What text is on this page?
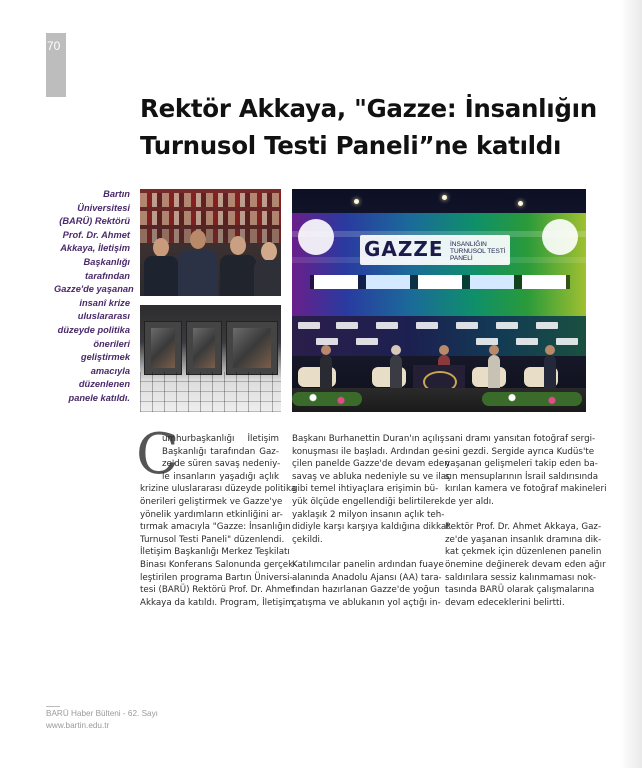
70
Rektör Akkaya, "Gazze: İnsanlığın
Turnusol Testi Paneli”ne katıldı
Bartın
Üniversitesi
(BARÜ) Rektörü
Prof. Dr. Ahmet
Akkaya, İletişim
Başkanlığı
tarafından
Gazze'de yaşanan
insanî krize
uluslararası
düzeyde politika
önerileri
geliştirmek
amacıyla
düzenlenen
panele katıldı.
GAZZE İNSANLIĞIN TURNUSOL TESTİ PANELİ
C
umhurbaşkanlığı İletişim
Başkanlığı tarafından Gaz-
ze'de süren savaş nedeniy-
le insanların yaşadığı açlık
krizine uluslararası düzeyde politika
önerileri geliştirmek ve Gazze'ye
yönelik yardımların etkinliğini ar-
tırmak amacıyla "Gazze: İnsanlığın
Turnusol Testi Paneli" düzenlendi.
İletişim Başkanlığı Merkez Teşkilatı
Binası Konferans Salonunda gerçek-
leştirilen programa Bartın Üniversi-
tesi (BARÜ) Rektörü Prof. Dr. Ahmet
Akkaya da katıldı. Program, İletişim
Başkanı Burhanettin Duran'ın açılış
konuşması ile başladı. Ardından ge-
çilen panelde Gazze'de devam eden
savaş ve abluka nedeniyle su ve ilaç
gibi temel ihtiyaçlara erişimin bü-
yük ölçüde engellendiği belirtilerek
yaklaşık 2 milyon insanın açlık teh-
didiyle karşı karşıya kaldığına dikkat
çekildi.
Katılımcılar panelin ardından fuaye
alanında Anadolu Ajansı (AA) tara-
fından hazırlanan Gazze'de yoğun
çatışma ve ablukanın yol açtığı in-
sani dramı yansıtan fotoğraf sergi-
sini gezdi. Sergide ayrıca Kudüs'te
yaşanan gelişmeleri takip eden ba-
sın mensuplarının İsrail saldırısında
kırılan kamera ve fotoğraf makineleri
de yer aldı.
Rektör Prof. Dr. Ahmet Akkaya, Gaz-
ze'de yaşanan insanlık dramına dik-
kat çekmek için düzenlenen panelin
önemine değinerek devam eden ağır
saldırılara sessiz kalınmaması nok-
tasında BARÜ olarak çalışmalarına
devam edeceklerini belirtti.
BARÜ Haber Bülteni - 62. Sayı
www.bartin.edu.tr
